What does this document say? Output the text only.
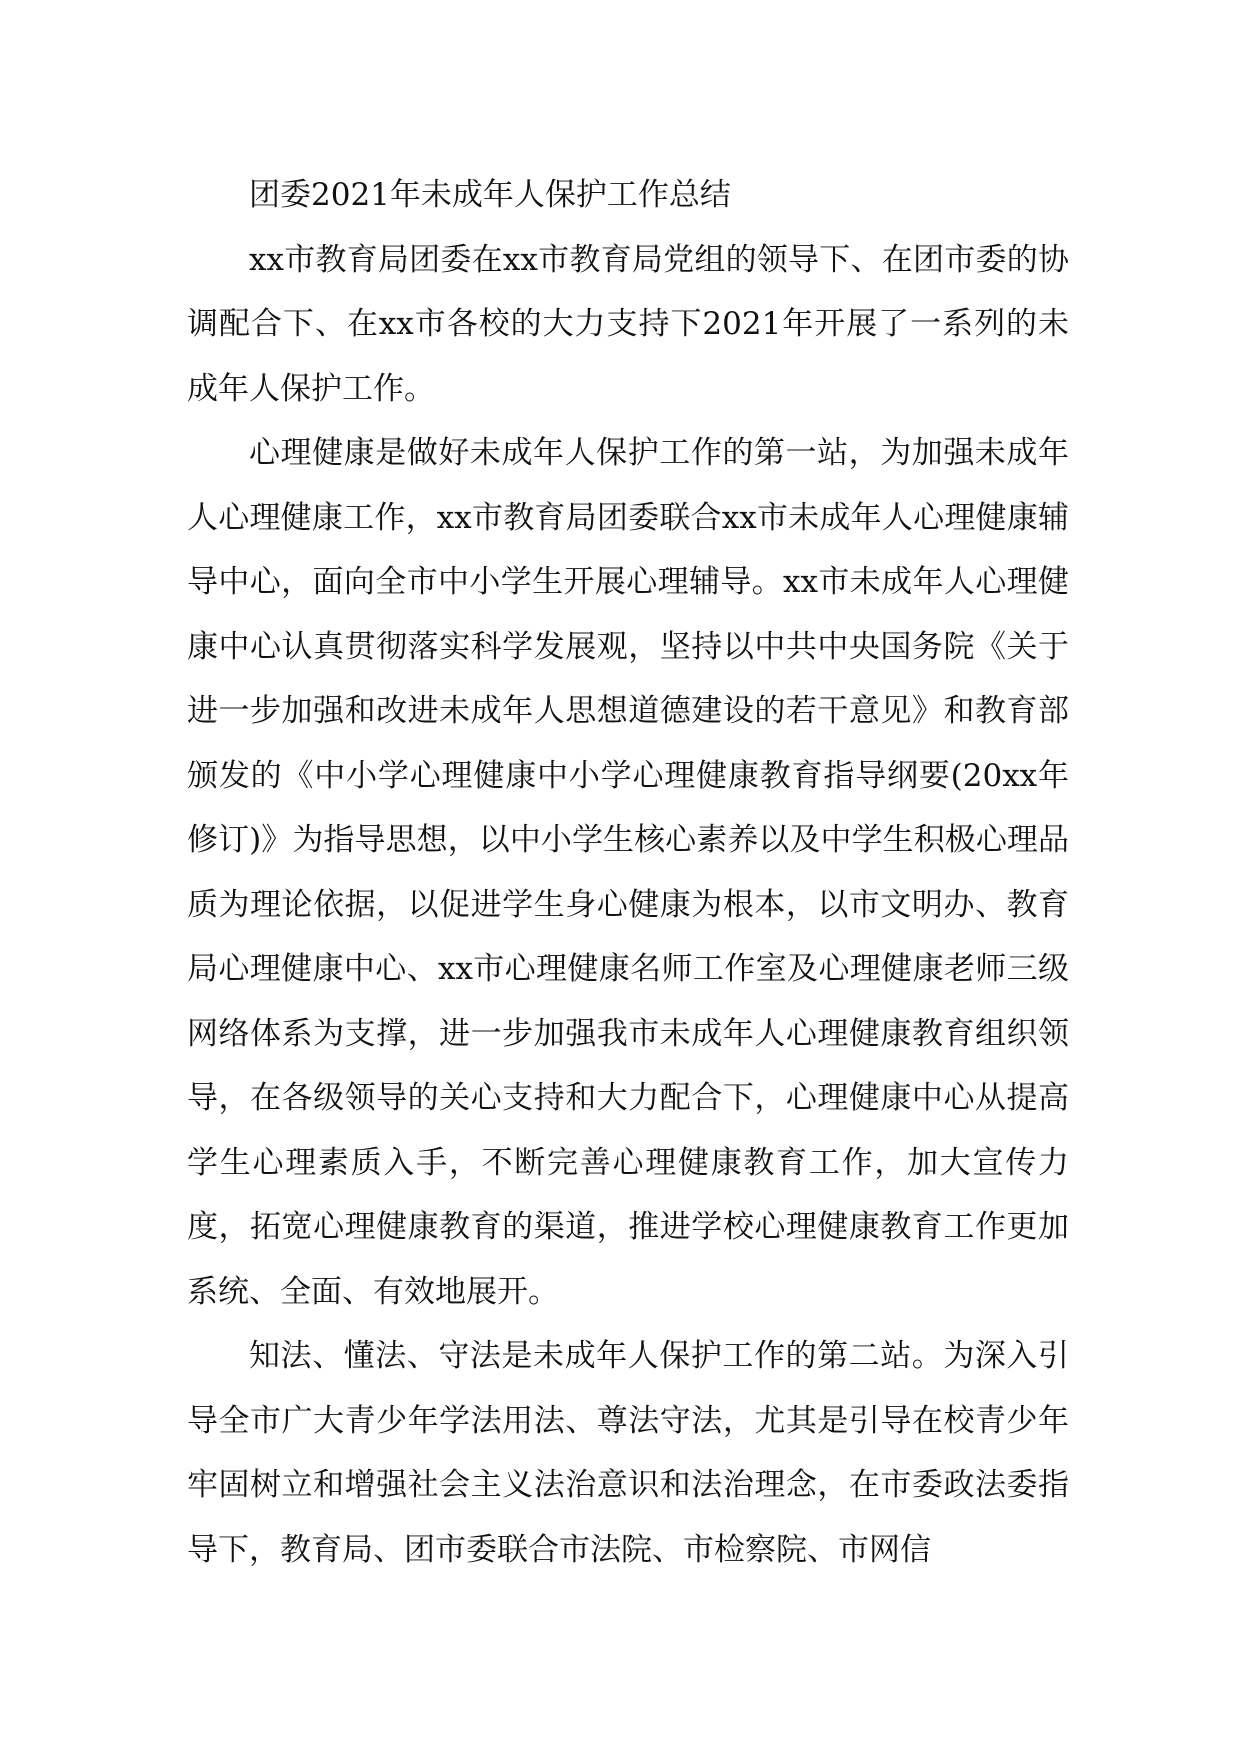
团委2021年未成年人保护工作总结

xx市教育局团委在xx市教育局党组的领导下、在团市委的协调配合下、在xx市各校的大力支持下2021年开展了一系列的未成年人保护工作。

心理健康是做好未成年人保护工作的第一站，为加强未成年人心理健康工作，xx市教育局团委联合xx市未成年人心理健康辅导中心，面向全市中小学生开展心理辅导。xx市未成年人心理健康中心认真贯彻落实科学发展观，坚持以中共中央国务院《关于进一步加强和改进未成年人思想道德建设的若干意见》和教育部颁发的《中小学心理健康中小学心理健康教育指导纲要(20xx年修订)》为指导思想，以中小学生核心素养以及中学生积极心理品质为理论依据，以促进学生身心健康为根本，以市文明办、教育局心理健康中心、xx市心理健康名师工作室及心理健康老师三级网络体系为支撑，进一步加强我市未成年人心理健康教育组织领导，在各级领导的关心支持和大力配合下，心理健康中心从提高学生心理素质入手，不断完善心理健康教育工作，加大宣传力度，拓宽心理健康教育的渠道，推进学校心理健康教育工作更加系统、全面、有效地展开。

知法、懂法、守法是未成年人保护工作的第二站。为深入引导全市广大青少年学法用法、尊法守法，尤其是引导在校青少年牢固树立和增强社会主义法治意识和法治理念，在市委政法委指导下，教育局、团市委联合市法院、市检察院、市网信
